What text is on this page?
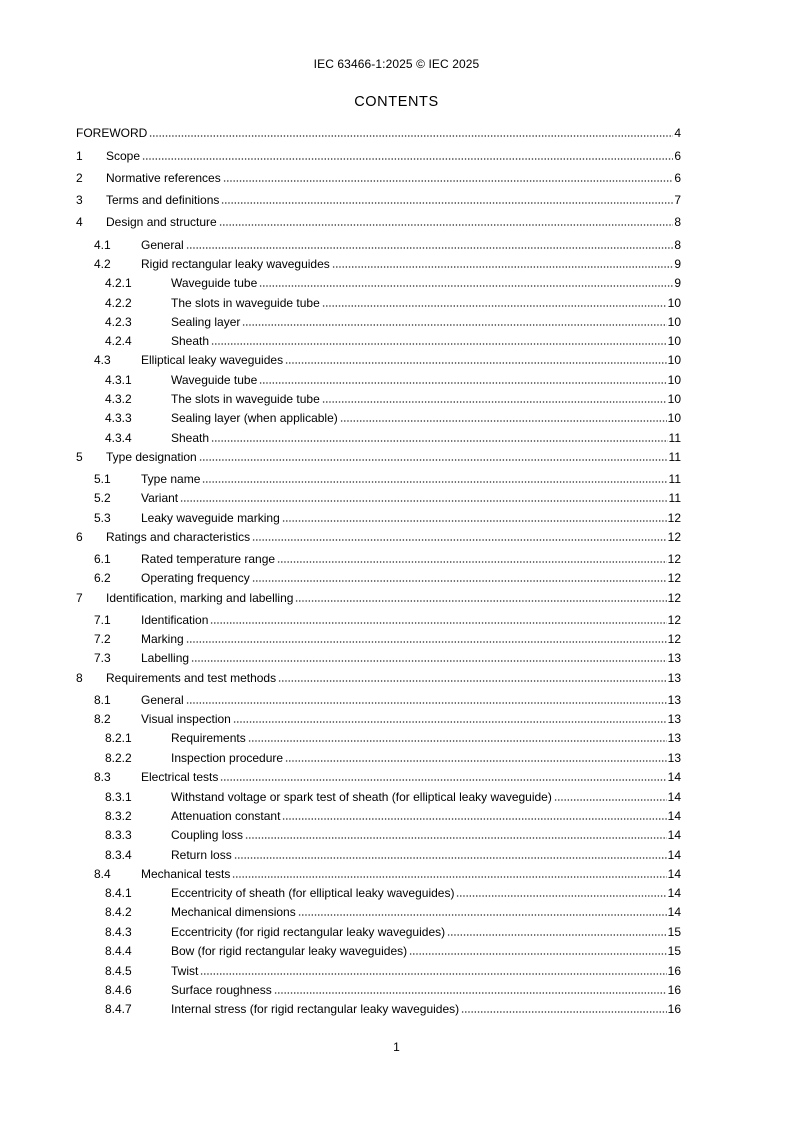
IEC 63466-1:2025 © IEC 2025
CONTENTS
FOREWORD	4
1	Scope	6
2	Normative references	6
3	Terms and definitions	7
4	Design and structure	8
4.1	General	8
4.2	Rigid rectangular leaky waveguides	9
4.2.1	Waveguide tube	9
4.2.2	The slots in waveguide tube	10
4.2.3	Sealing layer	10
4.2.4	Sheath	10
4.3	Elliptical leaky waveguides	10
4.3.1	Waveguide tube	10
4.3.2	The slots in waveguide tube	10
4.3.3	Sealing layer (when applicable)	10
4.3.4	Sheath	11
5	Type designation	11
5.1	Type name	11
5.2	Variant	11
5.3	Leaky waveguide marking	12
6	Ratings and characteristics	12
6.1	Rated temperature range	12
6.2	Operating frequency	12
7	Identification, marking and labelling	12
7.1	Identification	12
7.2	Marking	12
7.3	Labelling	13
8	Requirements and test methods	13
8.1	General	13
8.2	Visual inspection	13
8.2.1	Requirements	13
8.2.2	Inspection procedure	13
8.3	Electrical tests	14
8.3.1	Withstand voltage or spark test of sheath (for elliptical leaky waveguide)	14
8.3.2	Attenuation constant	14
8.3.3	Coupling loss	14
8.3.4	Return loss	14
8.4	Mechanical tests	14
8.4.1	Eccentricity of sheath (for elliptical leaky waveguides)	14
8.4.2	Mechanical dimensions	14
8.4.3	Eccentricity (for rigid rectangular leaky waveguides)	15
8.4.4	Bow (for rigid rectangular leaky waveguides)	15
8.4.5	Twist	16
8.4.6	Surface roughness	16
8.4.7	Internal stress (for rigid rectangular leaky waveguides)	16
1
